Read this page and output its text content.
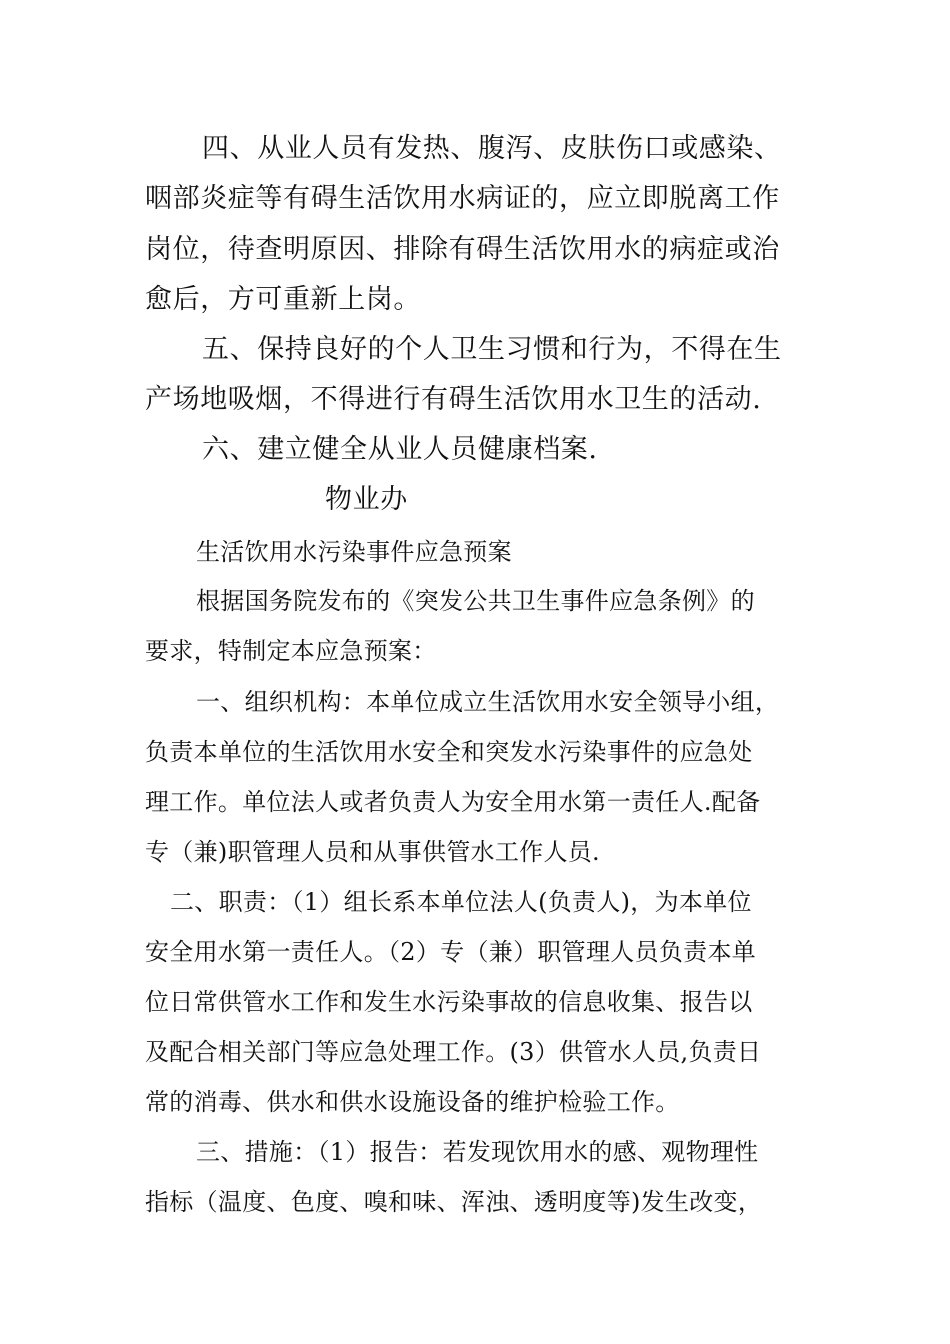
四、从业人员有发热、腹泻、皮肤伤口或感染、
咽部炎症等有碍生活饮用水病证的，应立即脱离工作
岗位，待查明原因、排除有碍生活饮用水的病症或治
愈后，方可重新上岗。
五、保持良好的个人卫生习惯和行为，不得在生
产场地吸烟，不得进行有碍生活饮用水卫生的活动.
六、建立健全从业人员健康档案.
物业办
生活饮用水污染事件应急预案
根据国务院发布的《突发公共卫生事件应急条例》的
要求，特制定本应急预案：
一、组织机构：本单位成立生活饮用水安全领导小组，
负责本单位的生活饮用水安全和突发水污染事件的应急处
理工作。单位法人或者负责人为安全用水第一责任人.配备
专（兼)职管理人员和从事供管水工作人员.
二、职责：（1）组长系本单位法人(负责人)，为本单位
安全用水第一责任人。（2）专（兼）职管理人员负责本单
位日常供管水工作和发生水污染事故的信息收集、报告以
及配合相关部门等应急处理工作。(3）供管水人员,负责日
常的消毒、供水和供水设施设备的维护检验工作。
三、措施：（1）报告：若发现饮用水的感、观物理性
指标（温度、色度、嗅和味、浑浊、透明度等)发生改变，
